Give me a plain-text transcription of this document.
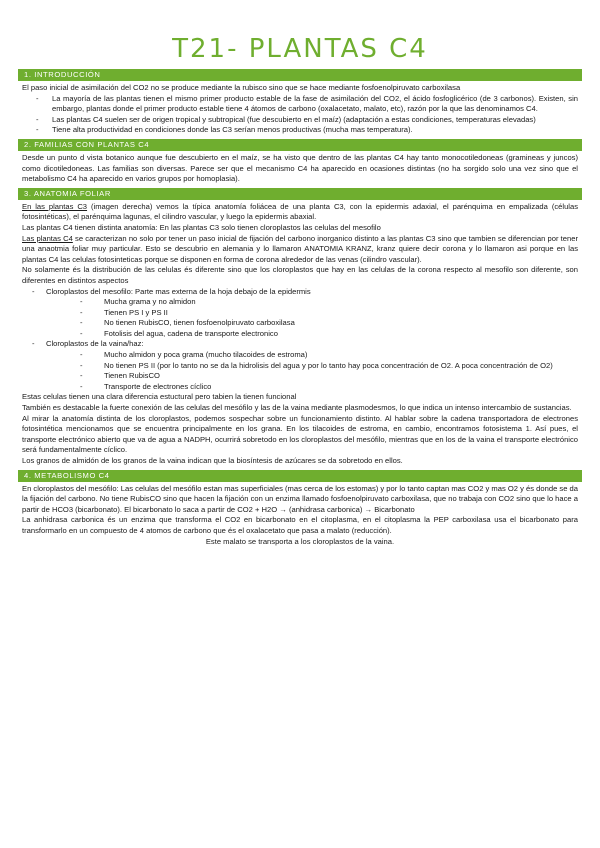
T21- PLANTAS C4
1. INTRODUCCIÓN

El paso inicial de asimilación del CO2 no se produce mediante la rubisco sino que se hace mediante fosfoenolpiruvato carboxilasa

- La mayoría de las plantas tienen el mismo primer producto estable de la fase de asimilación del CO2, el ácido fosfoglicérico (de 3 carbonos). Existen, sin embargo, plantas donde el primer producto estable tiene 4 átomos de carbono (oxalacetato, malato, etc), razón por la que las denominamos C4.
- Las plantas C4 suelen ser de origen tropical y subtropical (fue descubierto en el maíz) (adaptación a estas condiciones, temperaturas elevadas)
- Tiene alta productividad en condiciones donde las C3 serían menos productivas (mucha mas temperatura).
2. FAMILIAS CON PLANTAS C4

Desde un punto d vista botanico aunque fue descubierto en el maíz, se ha visto que dentro de las plantas C4 hay tanto monocotiledoneas (gramineas y juncos) como dicotiledoneas. Las familias son diversas. Parece ser que el mecanismo C4 ha aparecido en ocasiones distintas (no ha sorgido solo una vez sino que el metabolismo C4 ha aparecido en varios grupos por homoplasia).

3. ANATOMIA FOLIAR

En las plantas C3 (imagen derecha) vemos la típica anatomía foliácea de una planta C3, con la epidermis adaxial, el parénquima en empalizada (células fotosintéticas), el parénquima lagunas, el cilindro vascular, y luego la epidermis abaxial.

Las plantas C4 tienen distinta anatomía: En las plantas C3 solo tienen cloroplastos las celulas del mesofilo

Las plantas C4 se caracterizan no solo por tener un paso inicial de fijación del carbono inorganico distinto a las plantas C3 sino que tambien se diferencian por tener una anaotmia foliar muy particular. Esto se descubrio en alemania y lo llamaron ANATOMIA KRANZ, kranz quiere decir corona y lo llamaron asi porque en las plantas C4 las celulas fotosinteticas porque se disponen en forma de corona alrededor de las venas (cilindro vascular).

No solamente és la distribución de las celulas és diferente sino que los cloroplastos que hay en las celulas de la corona respecto al mesofilo son diferente, son diferentes en distintos aspectos

- Cloroplastos del mesofilo: Parte mas externa de la hoja debajo de la epidermis
- Mucha grama y no almidon
- Tienen PS I y PS II
- No tienen RubisCO, tienen fosfoenolpiruvato carboxilasa
- Fotolisis del agua, cadena de transporte electronico
- Cloroplastos de la vaina/haz:
- Mucho almidon y poca grama (mucho tilacoides de estroma)
- No tienen PS II (por lo tanto no se da la hidrolisis del agua y por lo tanto hay poca concentración de O2. A poca concentración de O2)
- Tienen RubisCO
- Transporte de electrones cíclico

Estas celulas tienen una clara diferencia estuctural pero tabien la tienen funcional

También es destacable la fuerte conexión de las celulas del mesófilo y las de la vaina mediante plasmodesmos, lo que indica un intenso intercambio de sustancias.

Al mirar la anatomía distinta de los cloroplastos, podemos sospechar sobre un funcionamiento distinto. Al hablar sobre la cadena transportadora de electrones fotosintética mencionamos que se encuentra principalmente en los grana. En los tilacoides de estroma, en cambio, encontramos fotosistema 1. Así pues, el transporte electrónico abierto que va de agua a NADPH, ocurrirá sobretodo en los cloroplastos del mesófilo, mientras que en los de la vaina el transporte electrónico será fundamentalmente cíclico.

Los granos de almidón de los granos de la vaina indican que la biosíntesis de azúcares se da sobretodo en ellos.

4. METABOLISMO C4

En cloroplastos del mesófilo: Las celulas del mesófilo estan mas superficiales (mas cerca de los estomas) y por lo tanto captan mas CO2 y mas O2 y és donde se da la fijación del carbono. No tiene RubisCO sino que hacen la fijación con un enzima llamado fosfoenolpiruvato carboxilasa, que no trabaja con CO2 sino que lo hace a partir de HCO3 (bicarbonato). El bicarbonato lo saca a partir de CO2 + H2O → (anhidrasa carbonica) → Bicarbonato

La anhidrasa carbonica és un enzima que transforma el CO2 en bicarbonato en el citoplasma, en el citoplasma la PEP carboxilasa usa el bicarbonato para transformarlo en un compuesto de 4 atomos de carbono que és el oxalacetato que pasa a malato (reducción).

Este malato se transporta a los cloroplastos de la vaina.
